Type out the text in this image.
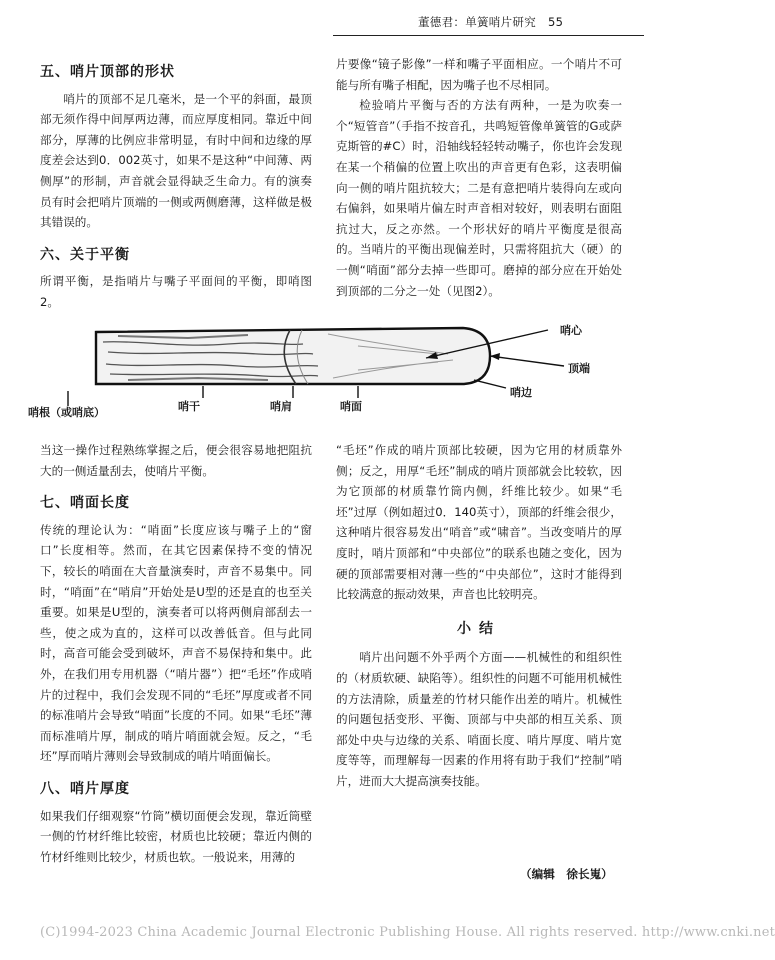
董德君：单簧哨片研究 55
五、哨片顶部的形状

哨片的顶部不足几毫米，是一个平的斜面，最顶部无须作得中间厚两边薄，而应厚度相同。靠近中间部分，厚薄的比例应非常明显，有时中间和边缘的厚度差会达到0．002英寸，如果不是这种“中间薄、两侧厚”的形制，声音就会显得缺乏生命力。有的演奏员有时会把哨片顶端的一侧或两侧磨薄，这样做是极其错误的。

六、关于平衡

所谓平衡，是指哨片与嘴子平面间的平衡，即哨图2。

片要像“镜子影像”一样和嘴子平面相应。一个哨片不可能与所有嘴子相配，因为嘴子也不尽相同。

检验哨片平衡与否的方法有两种，一是为吹奏一个“短管音”（手指不按音孔，共鸣短管像单簧管的G或萨克斯管的#C）时，沿轴线轻轻转动嘴子，你也许会发现在某一个稍偏的位置上吹出的声音更有色彩，这表明偏向一侧的哨片阻抗较大；二是有意把哨片装得向左或向右偏斜，如果哨片偏左时声音相对较好，则表明右面阻抗过大，反之亦然。一个形状好的哨片平衡度是很高的。当哨片的平衡出现偏差时，只需将阻抗大（硬）的一侧“哨面”部分去掉一些即可。磨掉的部分应在开始处到顶部的二分之一处（见图2）。

哨心
顶端
哨边
哨根（或哨底）	哨干	哨肩	哨面

当这一操作过程熟练掌握之后，便会很容易地把阻抗大的一侧适量刮去，使哨片平衡。

七、哨面长度

传统的理论认为：“哨面”长度应该与嘴子上的“窗口”长度相等。然而，在其它因素保持不变的情况下，较长的哨面在大音量演奏时，声音不易集中。同时，“哨面”在“哨肩”开始处是U型的还是直的也至关重要。如果是U型的，演奏者可以将两侧肩部刮去一些，使之成为直的，这样可以改善低音。但与此同时，高音可能会受到破坏，声音不易保持和集中。此外，在我们用专用机器（“哨片器”）把“毛坯”作成哨片的过程中，我们会发现不同的“毛坯”厚度或者不同的标准哨片会导致“哨面”长度的不同。如果“毛坯”薄而标准哨片厚，制成的哨片哨面就会短。反之，“毛坯”厚而哨片薄则会导致制成的哨片哨面偏长。

八、哨片厚度

如果我们仔细观察“竹筒”横切面便会发现，靠近筒壁一侧的竹材纤维比较密，材质也比较硬；靠近内侧的竹材纤维则比较少，材质也软。一般说来，用薄的

“毛坯”作成的哨片顶部比较硬，因为它用的材质靠外侧；反之，用厚“毛坯”制成的哨片顶部就会比较软，因为它顶部的材质靠竹筒内侧，纤维比较少。如果“毛坯”过厚（例如超过0．140英寸），顶部的纤维会很少，这种哨片很容易发出“哨音”或“啸音”。当改变哨片的厚度时，哨片顶部和“中央部位”的联系也随之变化，因为硬的顶部需要相对薄一些的“中央部位”，这时才能得到比较满意的振动效果，声音也比较明亮。

小结

哨片出问题不外乎两个方面——机械性的和组织性的（材质软硬、缺陷等）。组织性的问题不可能用机械性的方法清除，质量差的竹材只能作出差的哨片。机械性的问题包括变形、平衡、顶部与中央部的相互关系、顶部处中央与边缘的关系、哨面长度、哨片厚度、哨片宽度等等，而理解每一因素的作用将有助于我们“控制”哨片，进而大大提高演奏技能。

（编辑　徐长嵬）
(C)1994-2023 China Academic Journal Electronic Publishing House. All rights reserved. http://www.cnki.net
